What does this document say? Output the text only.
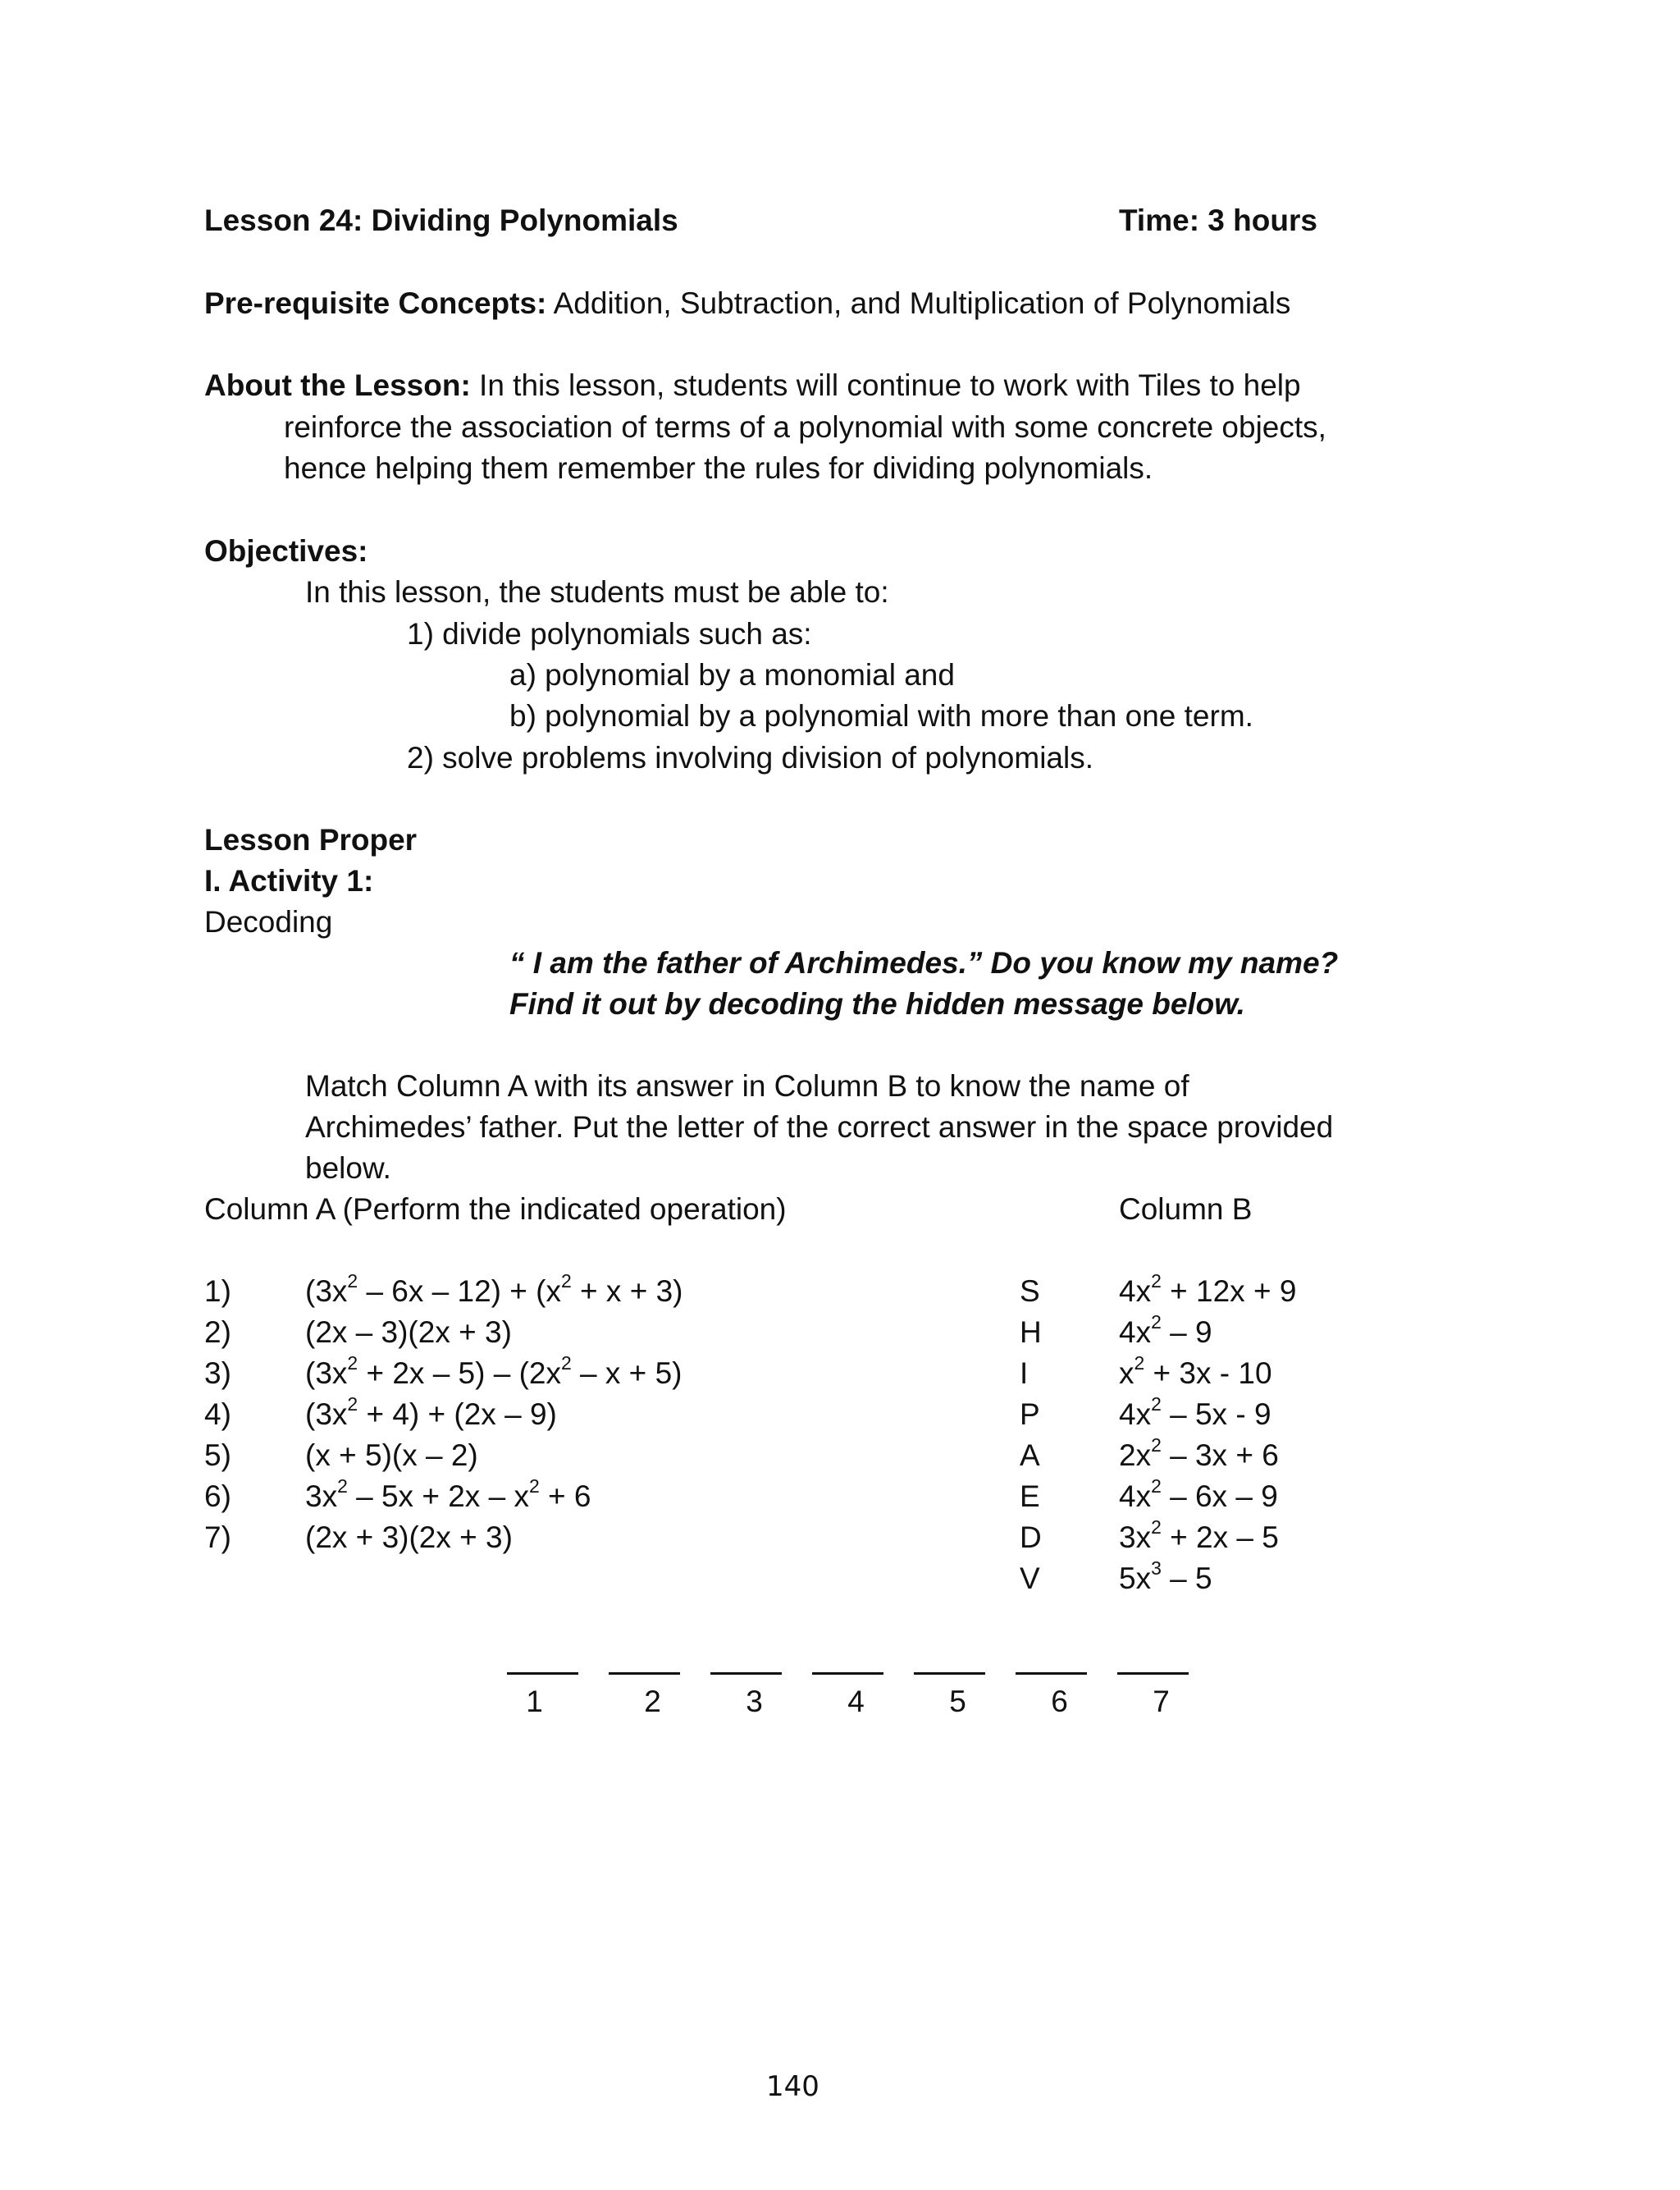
Lesson 24: Dividing Polynomials	Time: 3 hours
Pre-requisite Concepts: Addition, Subtraction, and Multiplication of Polynomials
About the Lesson: In this lesson, students will continue to work with Tiles to help
reinforce the association of terms of a polynomial with some concrete objects,
hence helping them remember the rules for dividing polynomials.
Objectives:
In this lesson, the students must be able to:
1) divide polynomials such as:
a) polynomial by a monomial and
b) polynomial by a polynomial with more than one term.
2) solve problems involving division of polynomials.
Lesson Proper
I. Activity 1:
Decoding
“ I am the father of Archimedes.” Do you know my name?
Find it out by decoding the hidden message below.
Match Column A with its answer in Column B to know the name of
Archimedes’ father. Put the letter of the correct answer in the space provided
below.
Column A (Perform the indicated operation)	Column B
1) $(3x^2 - 6x - 12) + (x^2 + x + 3)$
2) (2x – 3)(2x + 3)
3) $(3x^2 + 2x - 5) - (2x^2 - x + 5)$
4) $(3x^2 + 4) + (2x - 9)$
5) (x + 5)(x – 2)
6) $3x^2 - 5x + 2x - x^2 + 6$
7) (2x + 3)(2x + 3)
S	$4x^2 + 12x + 9$
H	$4x^2 - 9$
I	$x^2 + 3x - 10$
P	$4x^2 - 5x - 9$
A	$2x^2 - 3x + 6$
E	$4x^2 - 6x - 9$
D	$3x^2 + 2x - 5$
V	$5x^3 - 5$
1	2	3	4	5	6	7
140
